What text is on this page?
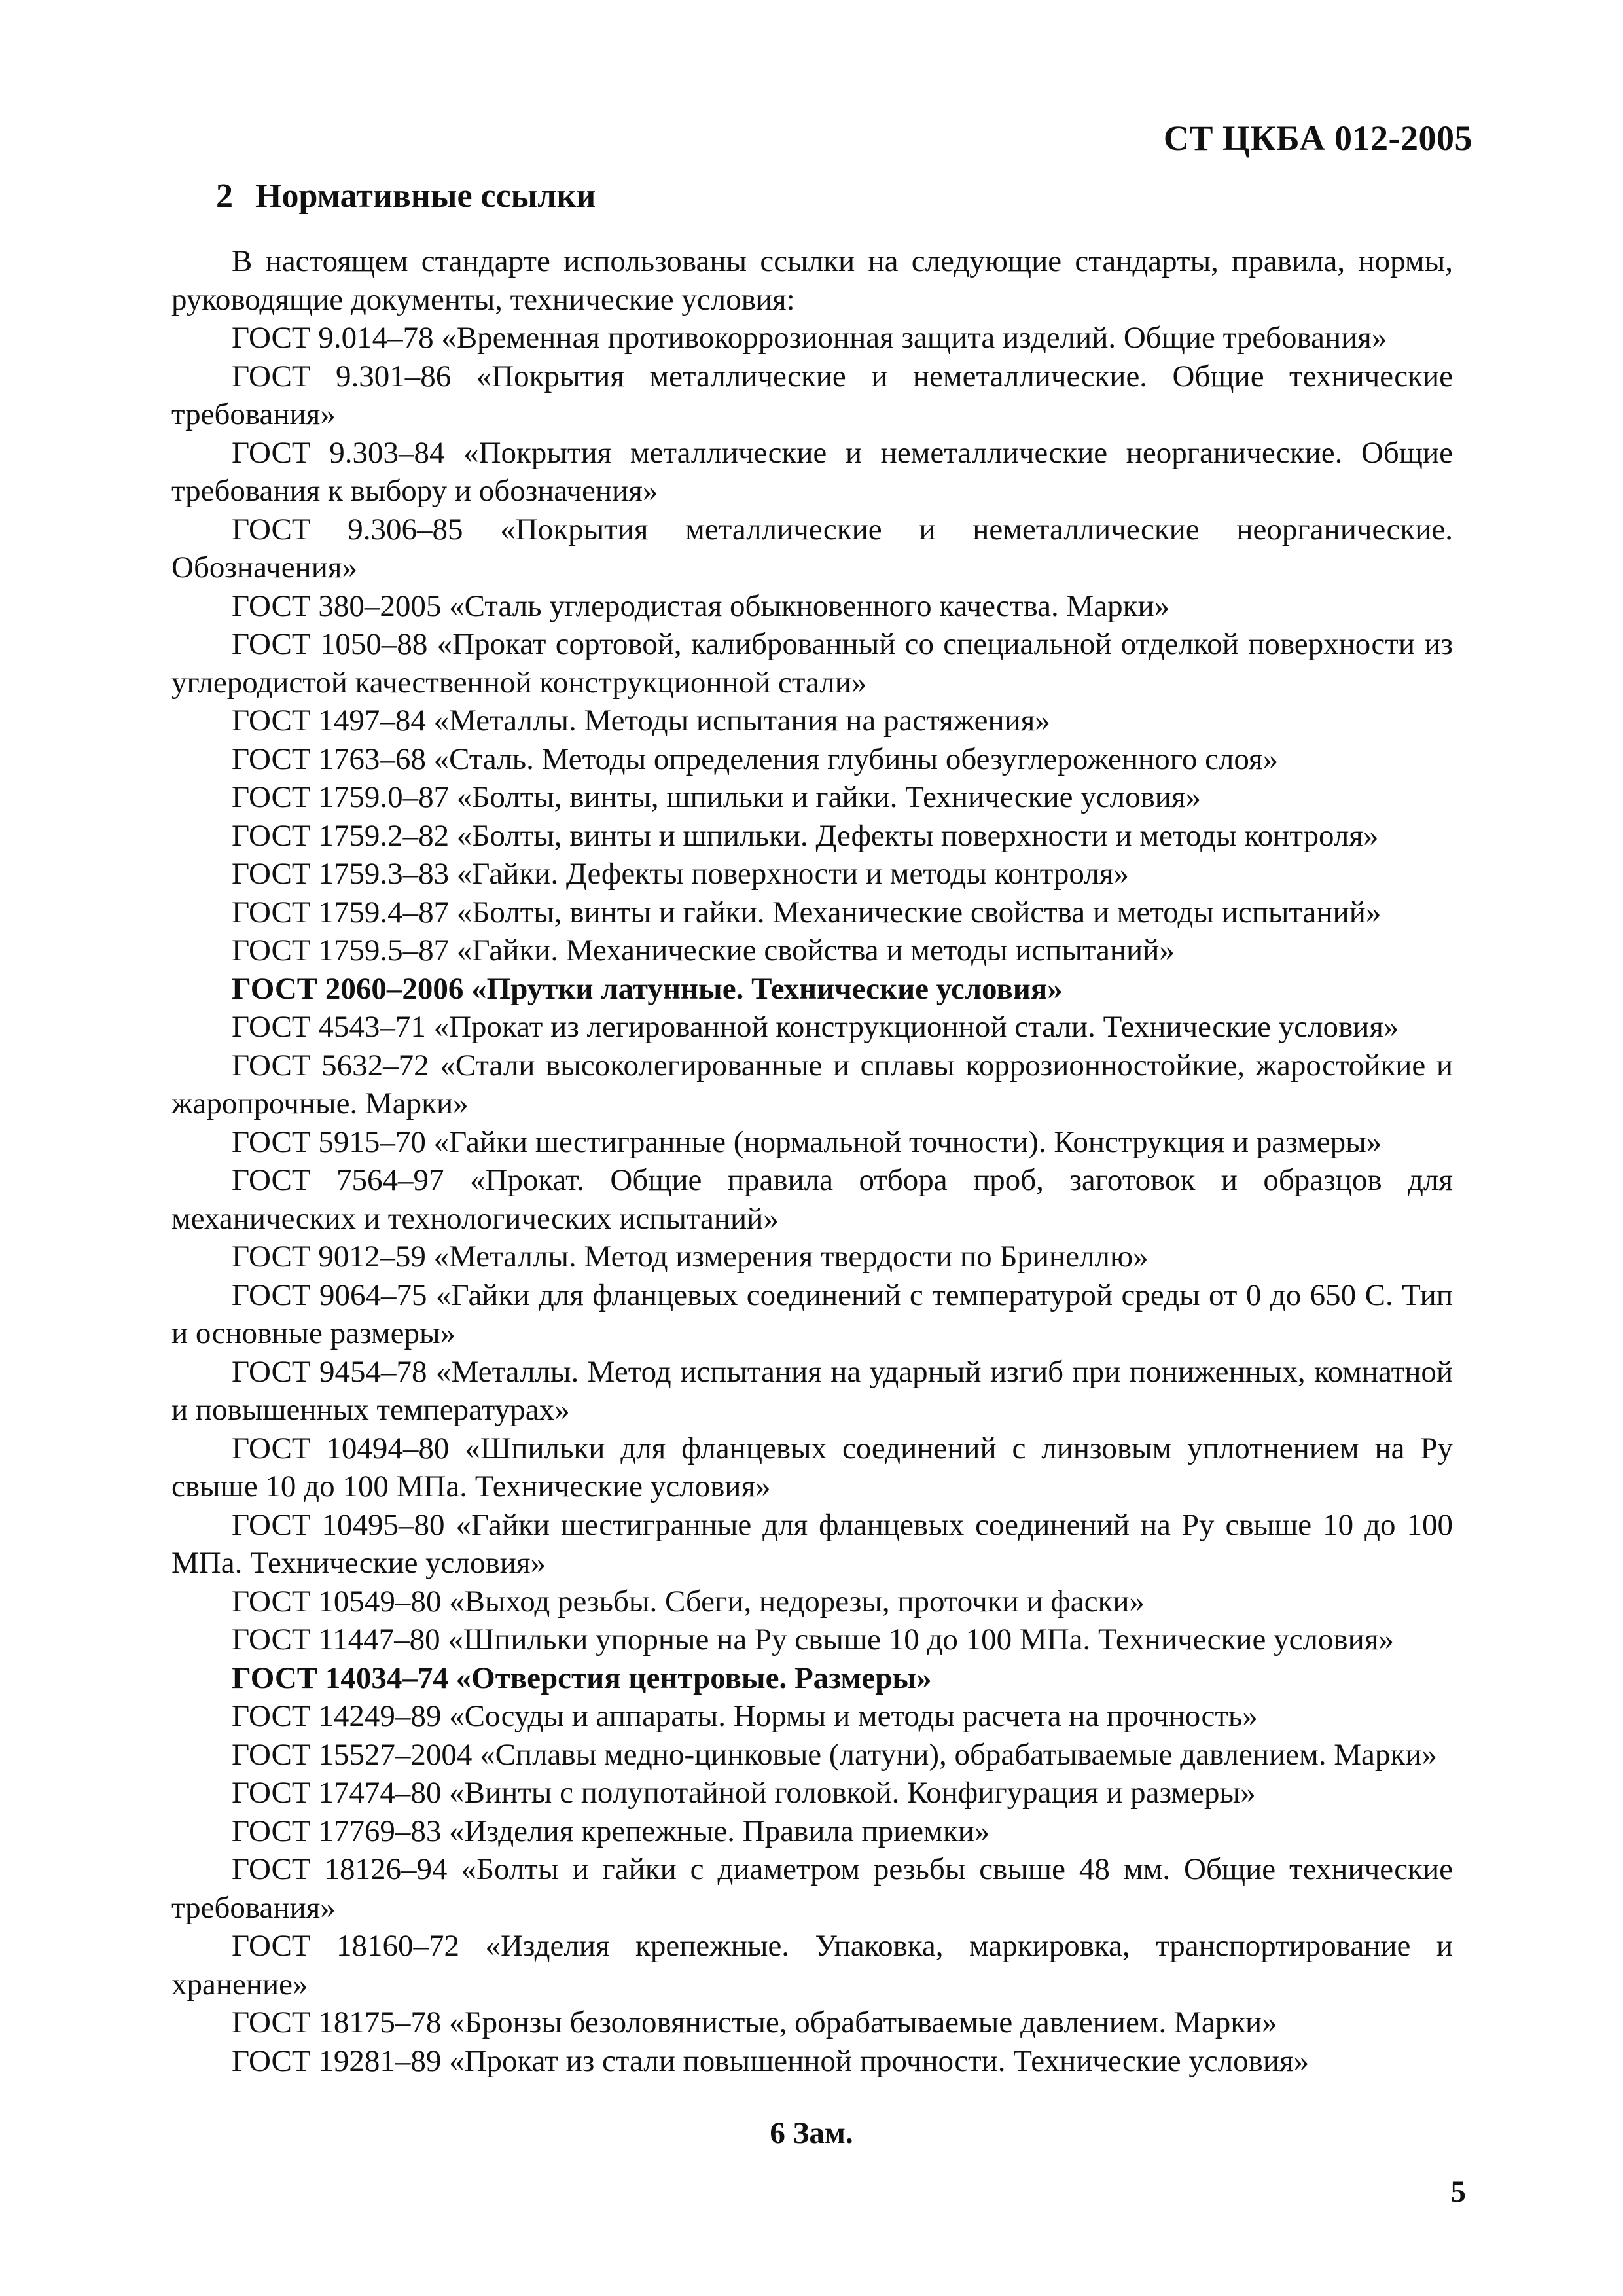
СТ ЦКБА 012-2005
2 Нормативные ссылки

В настоящем стандарте использованы ссылки на следующие стандарты, правила, нормы, руководящие документы, технические условия:

ГОСТ 9.014–78 «Временная противокоррозионная защита изделий. Общие требования»

ГОСТ 9.301–86 «Покрытия металлические и неметаллические. Общие технические требования»

ГОСТ 9.303–84 «Покрытия металлические и неметаллические неорганические. Общие требования к выбору и обозначения»

ГОСТ 9.306–85 «Покрытия металлические и неметаллические неорганические. Обозначения»

ГОСТ 380–2005 «Сталь углеродистая обыкновенного качества. Марки»

ГОСТ 1050–88 «Прокат сортовой, калиброванный со специальной отделкой поверхности из углеродистой качественной конструкционной стали»

ГОСТ 1497–84 «Металлы. Методы испытания на растяжения»

ГОСТ 1763–68 «Сталь. Методы определения глубины обезуглероженного слоя»

ГОСТ 1759.0–87 «Болты, винты, шпильки и гайки. Технические условия»

ГОСТ 1759.2–82 «Болты, винты и шпильки. Дефекты поверхности и методы контроля»

ГОСТ 1759.3–83 «Гайки. Дефекты поверхности и методы контроля»

ГОСТ 1759.4–87 «Болты, винты и гайки. Механические свойства и методы испытаний»

ГОСТ 1759.5–87 «Гайки. Механические свойства и методы испытаний»

ГОСТ 2060–2006 «Прутки латунные. Технические условия»

ГОСТ 4543–71 «Прокат из легированной конструкционной стали. Технические условия»

ГОСТ 5632–72 «Стали высоколегированные и сплавы коррозионностойкие, жаростойкие и жаропрочные. Марки»

ГОСТ 5915–70 «Гайки шестигранные (нормальной точности). Конструкция и размеры»

ГОСТ 7564–97 «Прокат. Общие правила отбора проб, заготовок и образцов для механических и технологических испытаний»

ГОСТ 9012–59 «Металлы. Метод измерения твердости по Бринеллю»

ГОСТ 9064–75 «Гайки для фланцевых соединений с температурой среды от 0 до 650 С. Тип и основные размеры»

ГОСТ 9454–78 «Металлы. Метод испытания на ударный изгиб при пониженных, комнатной и повышенных температурах»

ГОСТ 10494–80 «Шпильки для фланцевых соединений с линзовым уплотнением на Pу свыше 10 до 100 МПа. Технические условия»

ГОСТ 10495–80 «Гайки шестигранные для фланцевых соединений на Pу свыше 10 до 100 МПа. Технические условия»

ГОСТ 10549–80 «Выход резьбы. Сбеги, недорезы, проточки и фаски»

ГОСТ 11447–80 «Шпильки упорные на Pу свыше 10 до 100 МПа. Технические условия»

ГОСТ 14034–74 «Отверстия центровые. Размеры»

ГОСТ 14249–89 «Сосуды и аппараты. Нормы и методы расчета на прочность»

ГОСТ 15527–2004 «Сплавы медно-цинковые (латуни), обрабатываемые давлением. Марки»

ГОСТ 17474–80 «Винты с полупотайной головкой. Конфигурация и размеры»

ГОСТ 17769–83 «Изделия крепежные. Правила приемки»

ГОСТ 18126–94 «Болты и гайки с диаметром резьбы свыше 48 мм. Общие технические требования»

ГОСТ 18160–72 «Изделия крепежные. Упаковка, маркировка, транспортирование и хранение»

ГОСТ 18175–78 «Бронзы безоловянистые, обрабатываемые давлением. Марки»

ГОСТ 19281–89 «Прокат из стали повышенной прочности. Технические условия»

6 Зам.
5
